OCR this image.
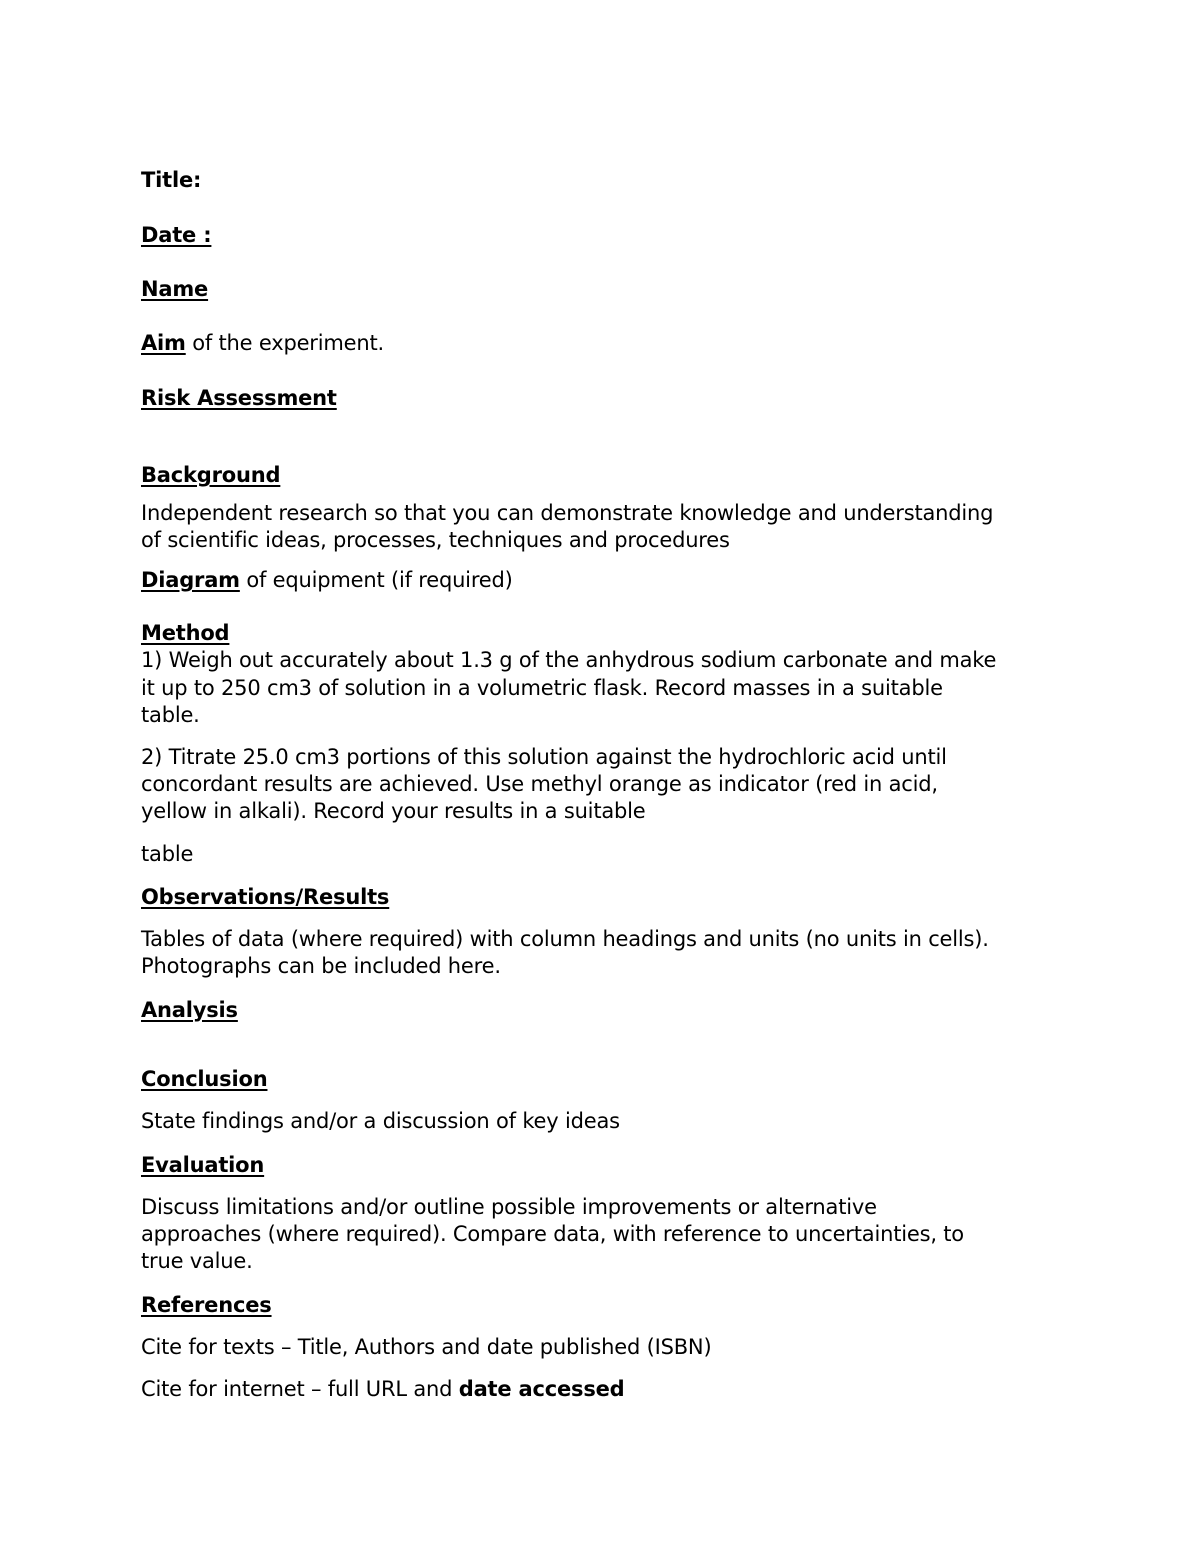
Title:

Date :

Name

Aim of the experiment.

Risk Assessment

Background

Independent research so that you can demonstrate knowledge and understanding

of scientific ideas, processes, techniques and procedures

Diagram of equipment (if required)

Method

1) Weigh out accurately about 1.3 g of the anhydrous sodium carbonate and make

it up to 250 cm3 of solution in a volumetric flask. Record masses in a suitable

table.

2) Titrate 25.0 cm3 portions of this solution against the hydrochloric acid until

concordant results are achieved. Use methyl orange as indicator (red in acid,

yellow in alkali). Record your results in a suitable

table

Observations/Results

Tables of data (where required) with column headings and units (no units in cells).

Photographs can be included here.

Analysis

Conclusion

State findings and/or a discussion of key ideas

Evaluation

Discuss limitations and/or outline possible improvements or alternative

approaches (where required). Compare data, with reference to uncertainties, to

true value.

References

Cite for texts – Title, Authors and date published (ISBN)

Cite for internet – full URL and date accessed
